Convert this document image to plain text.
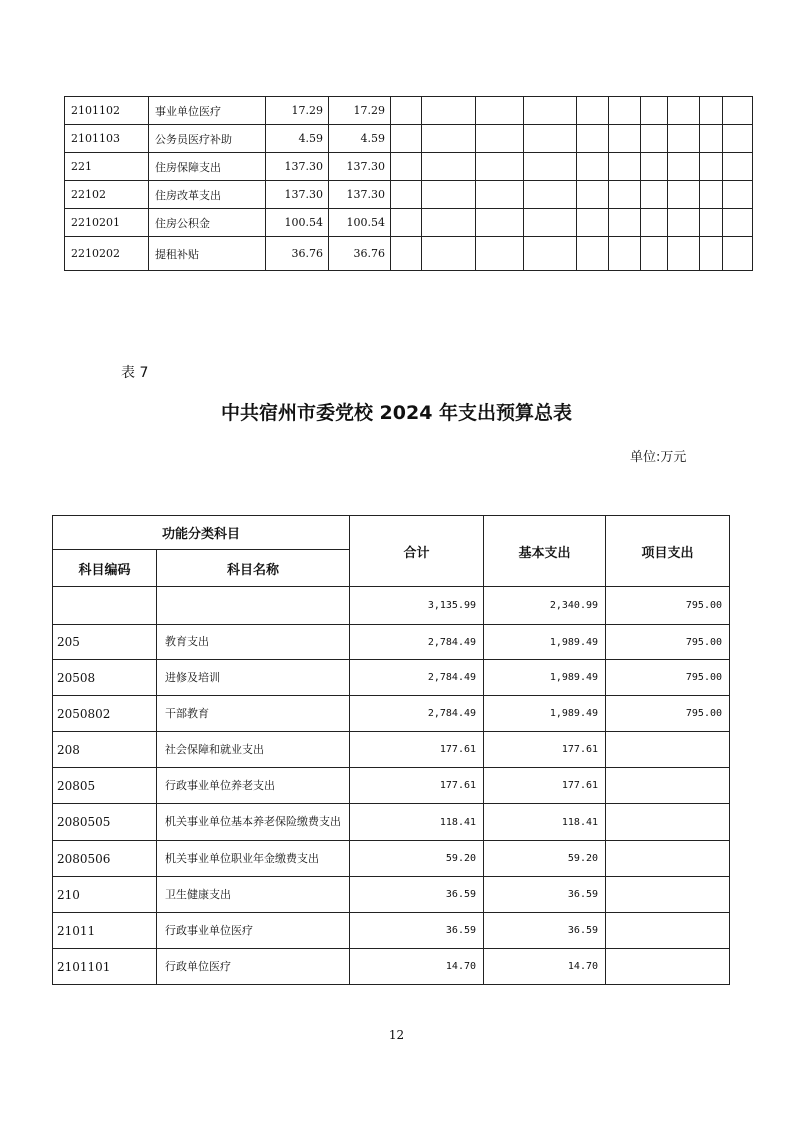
2101102	事业单位医疗	17.29	17.29										
2101103	公务员医疗补助	4.59	4.59										
221	住房保障支出	137.30	137.30										
22102	住房改革支出	137.30	137.30										
2210201	住房公积金	100.54	100.54										
2210202	提租补贴	36.76	36.76										
表 7
中共宿州市委党校 2024 年支出预算总表
单位:万元
功能分类科目		合计	基本支出	项目支出
科目编码	科目名称			
		3,135.99	2,340.99	795.00
205	教育支出	2,784.49	1,989.49	795.00
20508	进修及培训	2,784.49	1,989.49	795.00
2050802	干部教育	2,784.49	1,989.49	795.00
208	社会保障和就业支出	177.61	177.61	
20805	行政事业单位养老支出	177.61	177.61	
2080505	机关事业单位基本养老保险缴费支出	118.41	118.41	
2080506	机关事业单位职业年金缴费支出	59.20	59.20	
210	卫生健康支出	36.59	36.59	
21011	行政事业单位医疗	36.59	36.59	
2101101	行政单位医疗	14.70	14.70	
12
